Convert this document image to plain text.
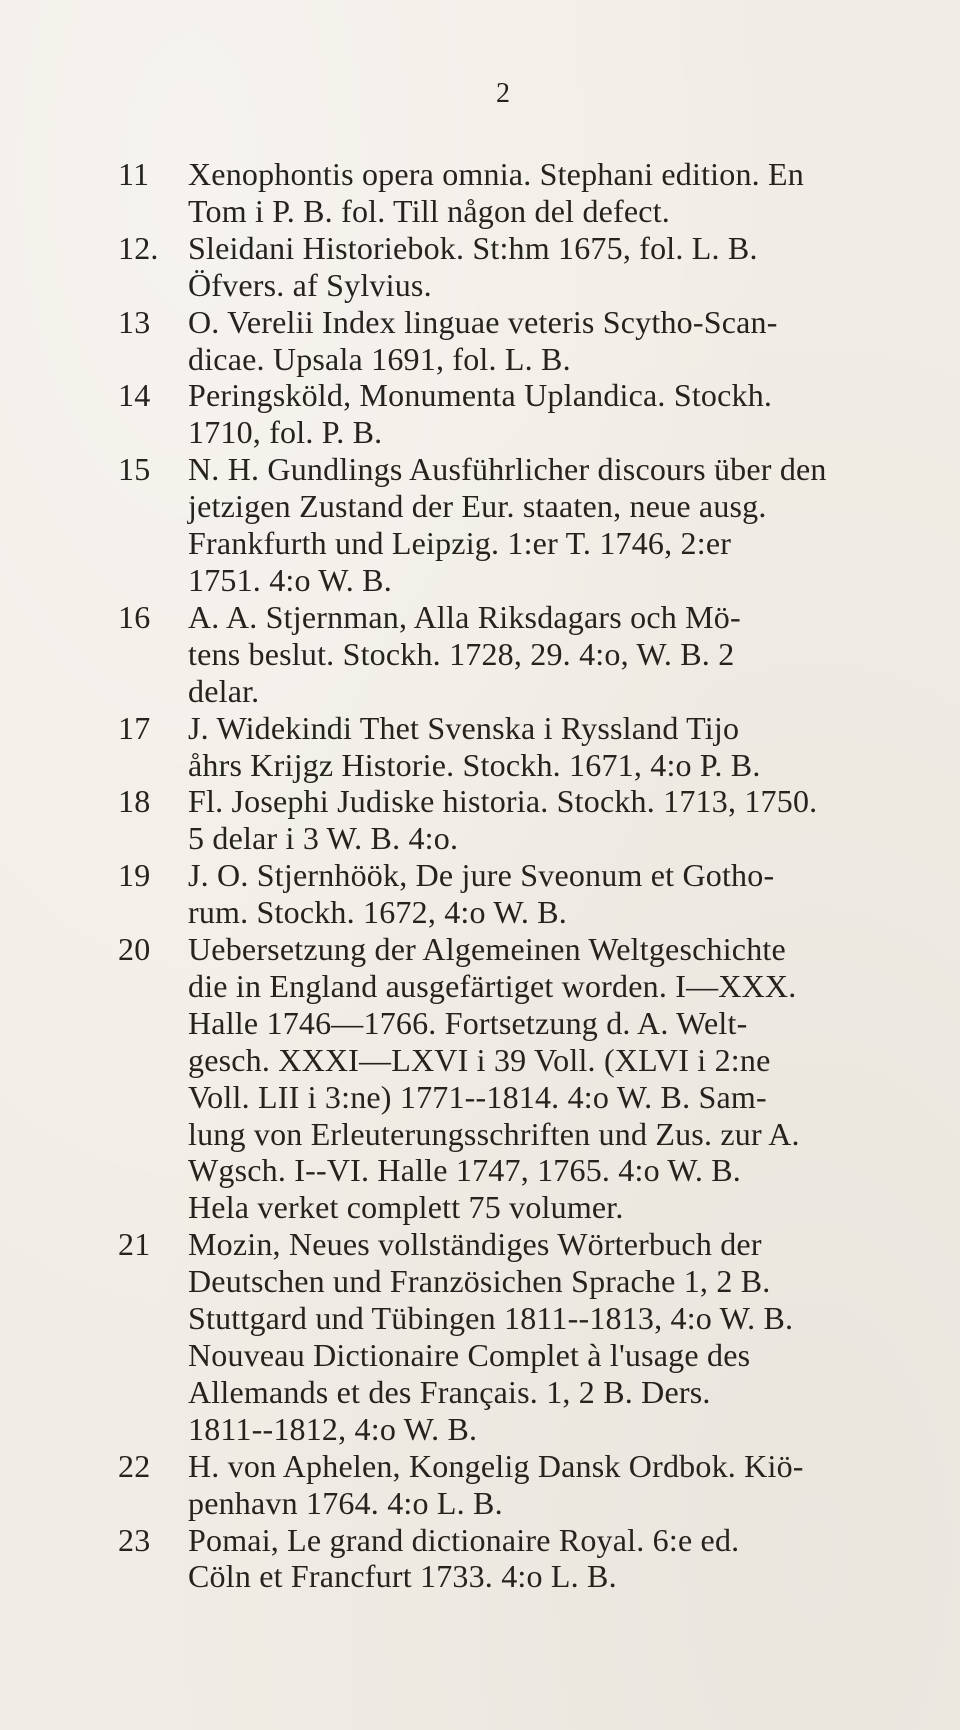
2
11	Xenophontis opera omnia. Stephani edition. En
Tom i P. B. fol. Till någon del defect.
12. Sleidani Historiebok. St:hm 1675, fol. L. B.
Öfvers. af Sylvius.
13	O. Verelii Index linguae veteris Scytho-Scan-
dicae. Upsala 1691, fol. L. B.
14	Peringsköld, Monumenta Uplandica. Stockh.
1710, fol. P. B.
15	N. H. Gundlings Ausführlicher discours über den
jetzigen Zustand der Eur. staaten, neue ausg.
Frankfurth und Leipzig. 1:er T. 1746, 2:er
1751. 4:o W. B.
16	A. A. Stjernman, Alla Riksdagars och Mö-
tens beslut. Stockh. 1728, 29. 4:o, W. B. 2
delar.
17	J. Widekindi Thet Svenska i Ryssland Tijo
åhrs Krijgz Historie. Stockh. 1671, 4:o P. B.
18	Fl. Josephi Judiske historia. Stockh. 1713, 1750.
5 delar i 3 W. B. 4:o.
19	J. O. Stjernhöök, De jure Sveonum et Gotho-
rum. Stockh. 1672, 4:o W. B.
20	Uebersetzung der Algemeinen Weltgeschichte
die in England ausgefärtiget worden. I—XXX.
Halle 1746—1766. Fortsetzung d. A. Welt-
gesch. XXXI—LXVI i 39 Voll. (XLVI i 2:ne
Voll. LII i 3:ne) 1771--1814. 4:o W. B. Sam-
lung von Erleuterungsschriften und Zus. zur A.
Wgsch. I--VI. Halle 1747, 1765. 4:o W. B.
Hela verket complett 75 volumer.
21	Mozin, Neues vollständiges Wörterbuch der
Deutschen und Französichen Sprache 1, 2 B.
Stuttgard und Tübingen 1811--1813, 4:o W. B.
Nouveau Dictionaire Complet à l'usage des
Allemands et des Français. 1, 2 B. Ders.
1811--1812, 4:o W. B.
22	H. von Aphelen, Kongelig Dansk Ordbok. Kiö-
penhavn 1764. 4:o L. B.
23	Pomai, Le grand dictionaire Royal. 6:e ed.
Cöln et Francfurt 1733. 4:o L. B.
